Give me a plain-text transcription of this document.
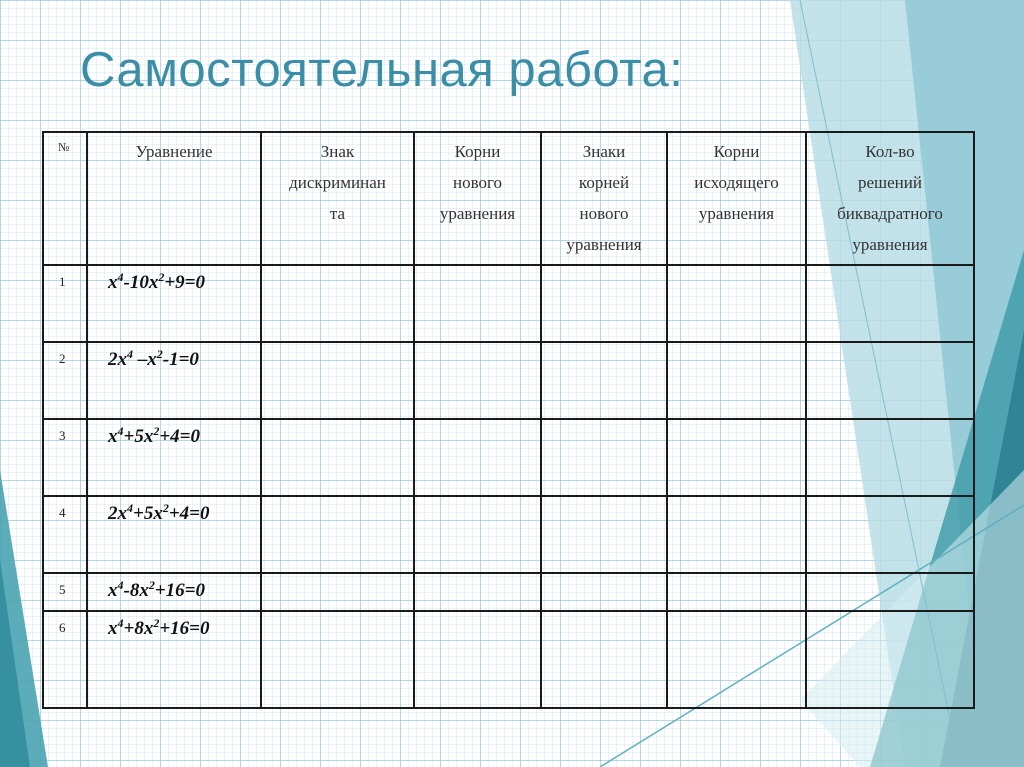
Самостоятельная работа:
№	Уравнение	Знак
дискриминан
та	Корни
нового
уравнения	Знаки
корней
нового
уравнения	Корни
исходящего
уравнения	Кол-во
решений
биквадратного
уравнения
1	$x^4-10x^2+9=0$					
2	$2x^4$ $-x^2-1=0$					
3	$x^4+5x^2+4=0$					
4	$2x^4+5x^2+4=0$					
5	$x^4-8x^2+16=0$					
6	$x^4+8x^2+16=0$					
